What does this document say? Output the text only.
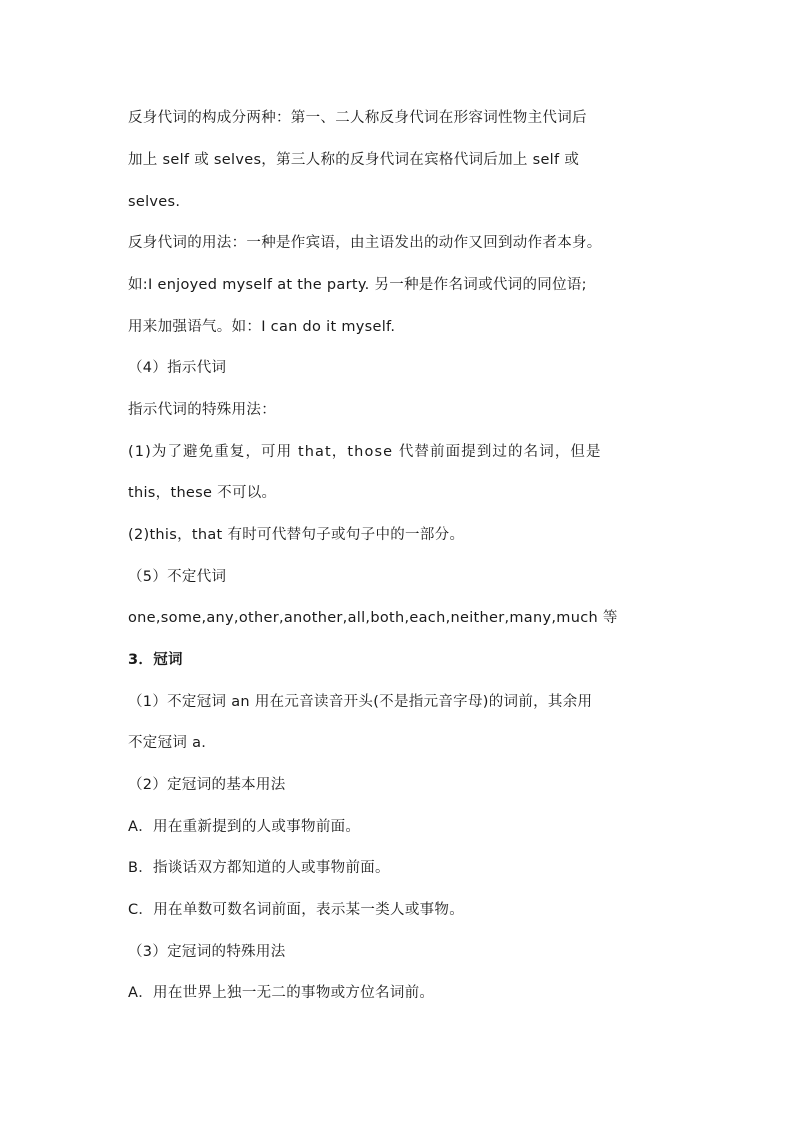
反身代词的构成分两种：第一、二人称反身代词在形容词性物主代词后
加上 self 或 selves，第三人称的反身代词在宾格代词后加上 self 或
selves.
反身代词的用法：一种是作宾语，由主语发出的动作又回到动作者本身。
如:I enjoyed myself at the party. 另一种是作名词或代词的同位语;
用来加强语气。如：I can do it myself.
（4）指示代词
指示代词的特殊用法：
(1)为了避免重复，可用 that，those 代替前面提到过的名词，但是
this，these 不可以。
(2)this，that 有时可代替句子或句子中的一部分。
（5）不定代词
one,some,any,other,another,all,both,each,neither,many,much 等
3．冠词
（1）不定冠词 an 用在元音读音开头(不是指元音字母)的词前，其余用
不定冠词 a.
（2）定冠词的基本用法
A．用在重新提到的人或事物前面。
B．指谈话双方都知道的人或事物前面。
C．用在单数可数名词前面，表示某一类人或事物。
（3）定冠词的特殊用法
A．用在世界上独一无二的事物或方位名词前。
